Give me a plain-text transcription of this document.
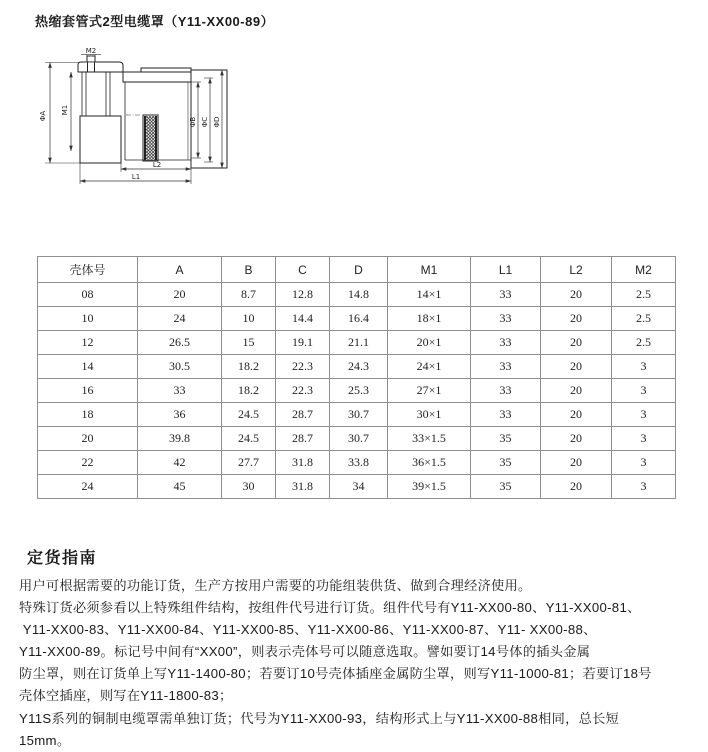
热缩套管式2型电缆罩（Y11-XX00-89）
M2
ΦA
M1
ΦB ΦC ΦD
L2
L1
壳体号	A	B	C	D	M1	L1	L2	M2
08	20	8.7	12.8	14.8	14×1	33	20	2.5
10	24	10	14.4	16.4	18×1	33	20	2.5
12	26.5	15	19.1	21.1	20×1	33	20	2.5
14	30.5	18.2	22.3	24.3	24×1	33	20	3
16	33	18.2	22.3	25.3	27×1	33	20	3
18	36	24.5	28.7	30.7	30×1	33	20	3
20	39.8	24.5	28.7	30.7	33×1.5	35	20	3
22	42	27.7	31.8	33.8	36×1.5	35	20	3
24	45	30	31.8	34	39×1.5	35	20	3
定货指南
用户可根据需要的功能订货，生产方按用户需要的功能组装供货、做到合理经济使用。
特殊订货必须参看以上特殊组件结构，按组件代号进行订货。组件代号有Y11-XX00-80、Y11-XX00-81、
Y11-XX00-83、Y11-XX00-84、Y11-XX00-85、Y11-XX00-86、Y11-XX00-87、Y11- XX00-88、
Y11-XX00-89。标记号中间有“XX00”，则表示壳体号可以随意选取。譬如要订14号体的插头金属
防尘罩，则在订货单上写Y11-1400-80；若要订10号壳体插座金属防尘罩，则写Y11-1000-81；若要订18号
壳体空插座，则写在Y11-1800-83；
Y11S系列的铜制电缆罩需单独订货；代号为Y11-XX00-93，结构形式上与Y11-XX00-88相同，总长短
15mm。
